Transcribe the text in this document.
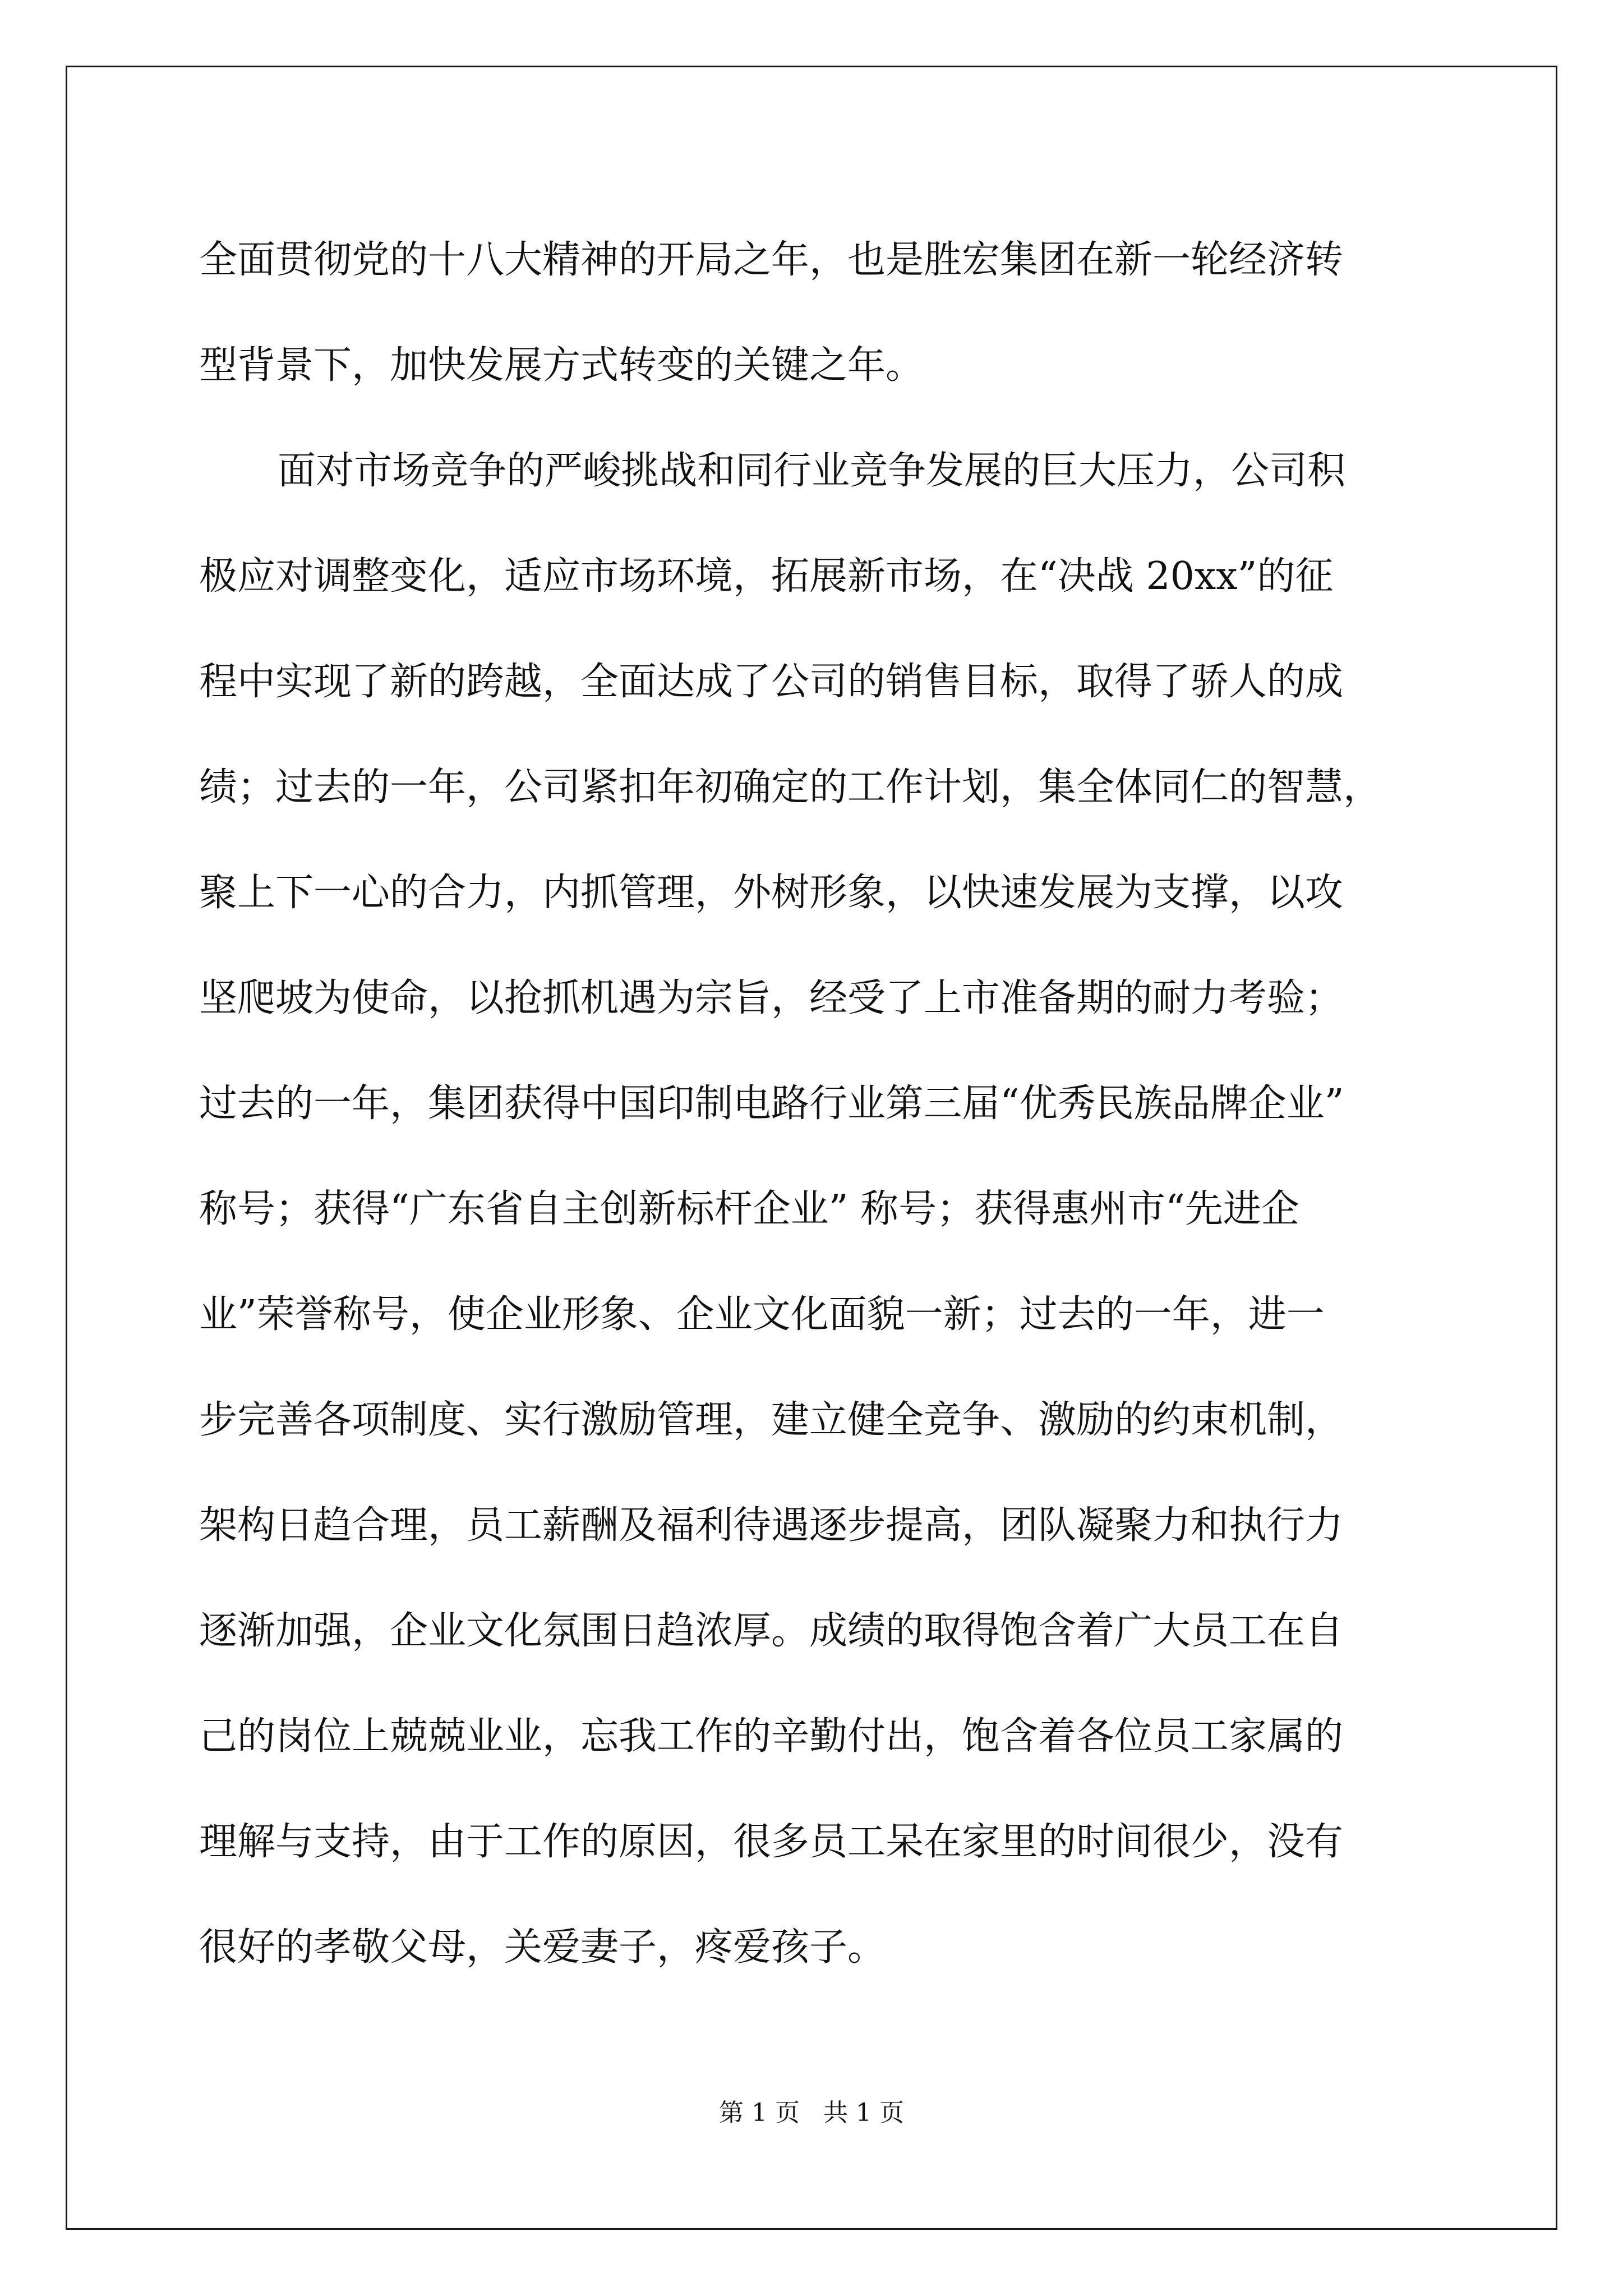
全面贯彻党的十八大精神的开局之年，也是胜宏集团在新一轮经济转
型背景下，加快发展方式转变的关键之年。
面对市场竞争的严峻挑战和同行业竞争发展的巨大压力，公司积
极应对调整变化，适应市场环境，拓展新市场，在“决战 20xx”的征
程中实现了新的跨越，全面达成了公司的销售目标，取得了骄人的成
绩；过去的一年，公司紧扣年初确定的工作计划，集全体同仁的智慧，
聚上下一心的合力，内抓管理，外树形象，以快速发展为支撑，以攻
坚爬坡为使命，以抢抓机遇为宗旨，经受了上市准备期的耐力考验；
过去的一年，集团获得中国印制电路行业第三届“优秀民族品牌企业”
称号；获得“广东省自主创新标杆企业” 称号；获得惠州市“先进企
业”荣誉称号，使企业形象、企业文化面貌一新；过去的一年，进一
步完善各项制度、实行激励管理，建立健全竞争、激励的约束机制，
架构日趋合理，员工薪酬及福利待遇逐步提高，团队凝聚力和执行力
逐渐加强，企业文化氛围日趋浓厚。成绩的取得饱含着广大员工在自
己的岗位上兢兢业业，忘我工作的辛勤付出，饱含着各位员工家属的
理解与支持，由于工作的原因，很多员工呆在家里的时间很少，没有
很好的孝敬父母，关爱妻子，疼爱孩子。
第 1 页   共 1 页
